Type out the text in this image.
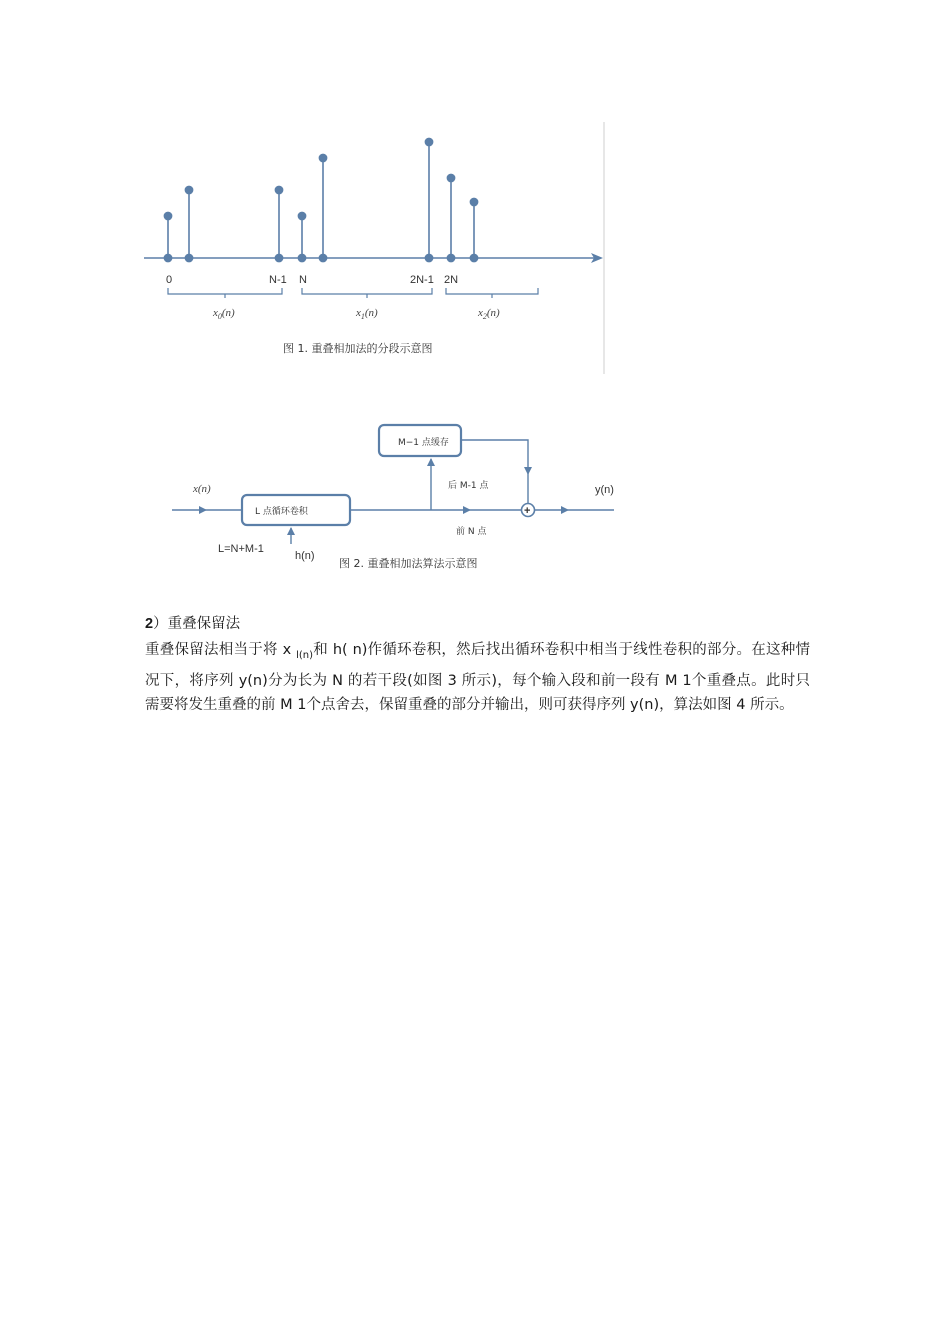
0	N-1 N	2N-1 2N
$x_0(n)$	$x_1(n)$	$x_2(n)$
图 1. 重叠相加法的分段示意图
x(n)
L 点循环卷积
h(n)
L=N+M-1
后 M-1 点
前 N 点
M−1 点缓存
+
y(n)
图 2. 重叠相加法算法示意图

2）重叠保留法

重叠保留法相当于将 x $_{l(n)}$和 h( n)作循环卷积，然后找出循环卷积中相当于线性卷积的部分。在这种情况下，将序列 y(n)分为长为 N 的若干段(如图 3 所示)，每个输入段和前一段有 M 1个重叠点。此时只需要将发生重叠的前 M 1个点舍去，保留重叠的部分并输出，则可获得序列 y(n)，算法如图 4 所示。
